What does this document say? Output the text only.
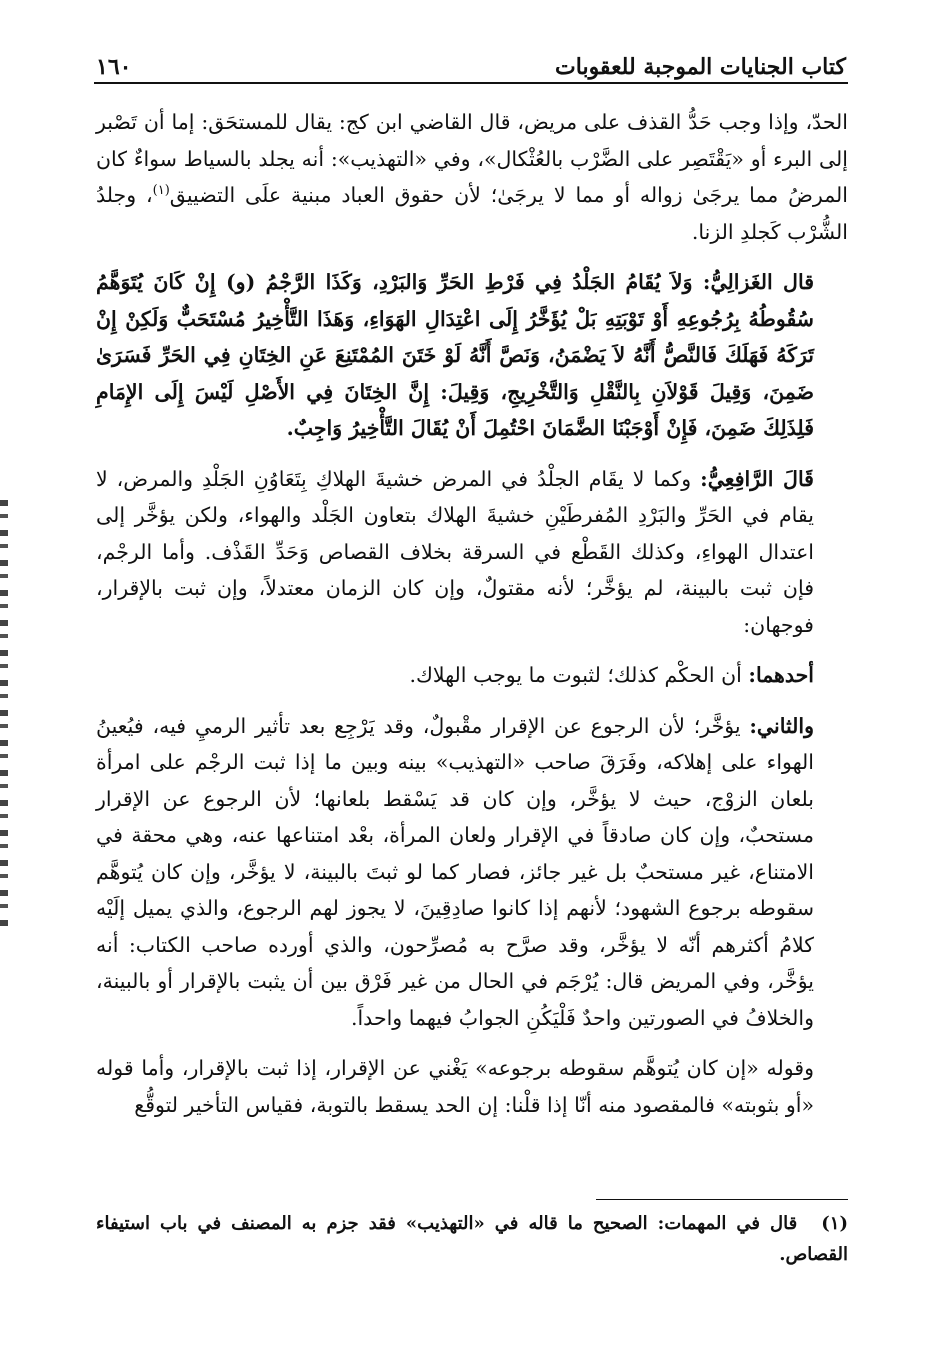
كتاب الجنايات الموجبة للعقوبات
١٦٠

الحدّ، وإذا وجب حَدُّ القذف على مريض، قال القاضي ابن كج: يقال للمستحَق: إما أن تَصْبر إلى البرء أو «يَقْتَصِر على الضَّرْب بالعُثْكال»، وفي «التهذيب»: أنه يجلد بالسياط سواءٌ كان المرضُ مما يرجَىٰ زواله أو مما لا يرجَىٰ؛ لأن حقوق العباد مبنية علَى التضييق$^{(١)}$، وجلدُ الشُّرْب كَجلدِ الزنا.

قال الغَزالِيُّ: وَلاَ يُقَامُ الجَلْدُ فِي فَرْطِ الحَرِّ وَالبَرْدِ، وَكَذَا الرَّجْمُ (و) إِنْ كَانَ يُتَوَهَّمُ سُقُوطُهُ بِرُجُوعِهِ أَوْ تَوْبَتِهِ بَلْ يُؤَخَّرُ إِلَى اعْتِدَالِ الهَوَاءِ، وَهَذَا التَّأْخِيرُ مُسْتَحَبٌّ وَلَكِنْ إِنْ تَرَكَهُ فَهَلَكَ فَالنَّصُّ أَنَّهُ لاَ يَضْمَنُ، وَنَصَّ أَنَّهُ لَوْ خَتَنَ المُمْتَنِعَ عَنِ الخِتَانِ فِي الحَرِّ فَسَرَىٰ ضَمِنَ، وَقِيلَ قَوْلاَنِ بِالنَّقْلِ وَالتَّخْرِيجِ، وَقِيلَ: إِنَّ الخِتَانَ فِي الأَصْلِ لَيْسَ إِلَى الإِمَامِ فَلِذَلِكَ ضَمِنَ، فَإِنْ أَوْجَبْنَا الضَّمَانَ احْتُمِلَ أَنْ يُقَالَ التَّأْخِيرُ وَاجِبٌ.

قَالَ الرَّافِعِيُّ: وكما لا يقَام الجلْدُ في المرض خشيةَ الهلاكِ بِتَعَاوُنِ الجَلْدِ والمرض، لا يقام في الحَرِّ والبَرْدِ المُفرطَيْنِ خشيةَ الهلاك بتعاون الجَلْد والهواء، ولكن يؤخَّر إلى اعتدال الهواءِ، وكذلك القَطْع في السرقة بخلاف القصاص وَحَدِّ القَذْف. وأما الرجْم، فإن ثبت بالبينة، لم يؤخَّر؛ لأنه مقتولٌ، وإن كان الزمان معتدلاً، وإن ثبت بالإقرار، فوجهان:

أحدهما: أن الحكْم كذلك؛ لثبوت ما يوجب الهلاك.

والثاني: يؤخَّر؛ لأن الرجوع عن الإقرار مقْبولٌ، وقد يَرْجِع بعد تأثير الرميِ فيه، فيُعينُ الهواء على إهلاكه، وفَرَقَ صاحب «التهذيب» بينه وبين ما إذا ثبت الرجْم على امرأة بلعان الزوْج، حيث لا يؤخَّر، وإن كان قد يَسْقط بلعانها؛ لأن الرجوع عن الإقرار مستحبٌ، وإن كان صادقاً في الإقرار ولعان المرأة، بعْد امتناعها عنه، وهي محقة في الامتناع، غير مستحبٌ بل غير جائز، فصار كما لو ثبتَ بالبينة، لا يؤخَّر، وإن كان يُتوهَّم سقوطه برجوع الشهود؛ لأنهم إذا كانوا صادِقِينَ، لا يجوز لهم الرجوع، والذي يميل إلَيْه كلامُ أكثرهم أنّه لا يؤخَّر، وقد صرَّح به مُصرِّحون، والذي أورده صاحب الكتاب: أنه يؤخَّر، وفي المريض قال: يُرْجَم في الحال من غير فَرْق بين أن يثبت بالإقرار أو بالبينة، والخلافُ في الصورتين واحدٌ فَلْيَكُنِ الجوابُ فيهما واحداً.

وقوله «إن كان يُتوهَّم سقوطه برجوعه» يَغْني عن الإقرار، إذا ثبت بالإقرار، وأما قوله «أو بثوبته» فالمقصود منه أنّا إذا قلْنا: إن الحد يسقط بالتوبة، فقياس التأخير لتوقُّع

(١) قال في المهمات: الصحيح ما قاله في «التهذيب» فقد جزم به المصنف في باب استيفاء القصاص.
